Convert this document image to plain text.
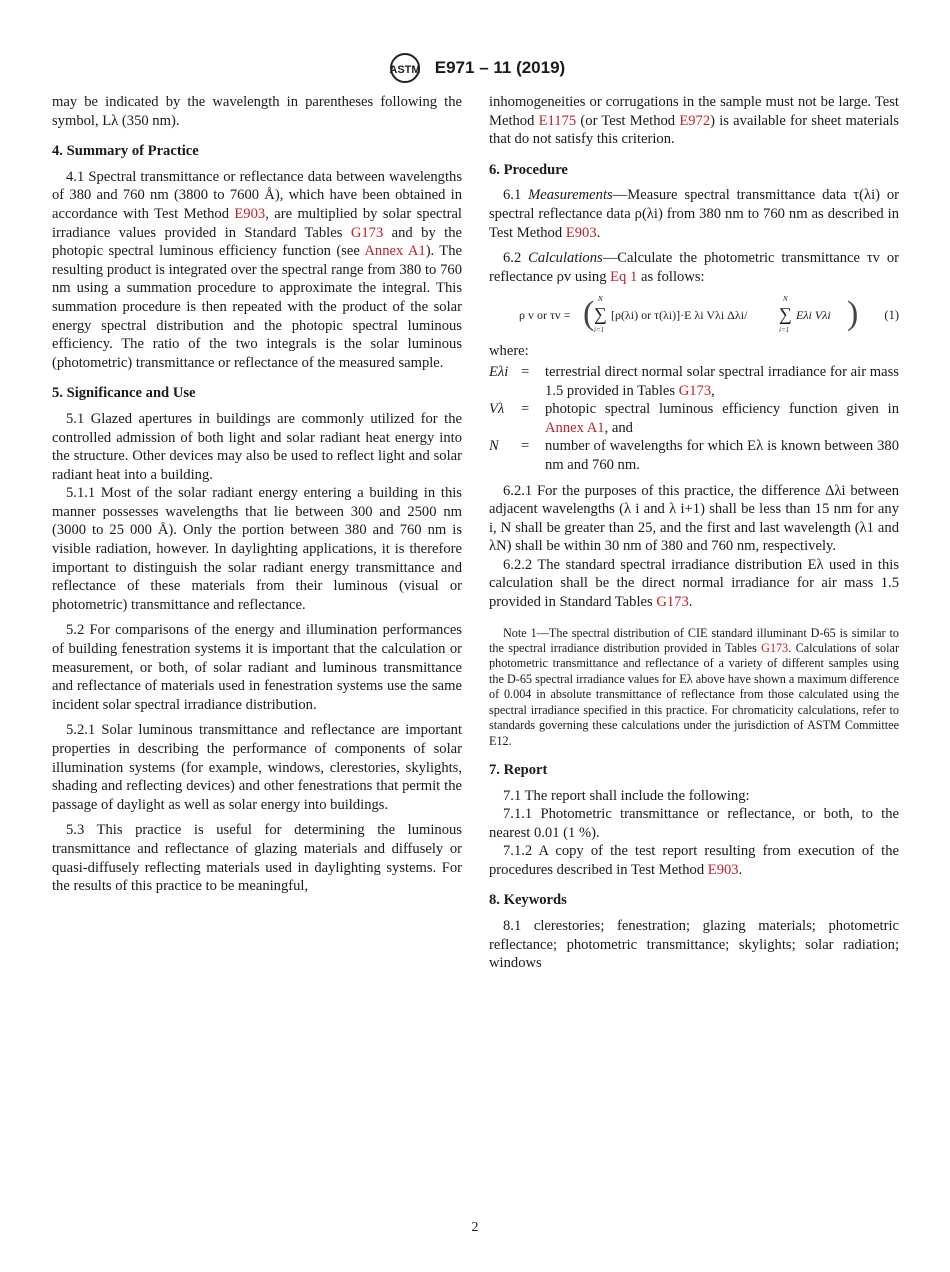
ASTM E971 – 11 (2019)

may be indicated by the wavelength in parentheses following the symbol, Lλ (350 nm).

4. Summary of Practice

4.1 Spectral transmittance or reflectance data between wavelengths of 380 and 760 nm (3800 to 7600 Å), which have been obtained in accordance with Test Method E903, are multiplied by solar spectral irradiance values provided in Standard Tables G173 and by the photopic spectral luminous efficiency function (see Annex A1). The resulting product is integrated over the spectral range from 380 to 760 nm using a summation procedure to approximate the integral. This summation procedure is then repeated with the product of the solar energy spectral distribution and the photopic spectral luminous efficiency. The ratio of the two integrals is the solar luminous (photometric) transmittance or reflectance of the measured sample.

5. Significance and Use

5.1 Glazed apertures in buildings are commonly utilized for the controlled admission of both light and solar radiant heat energy into the structure. Other devices may also be used to reflect light and solar radiant heat into a building.

5.1.1 Most of the solar radiant energy entering a building in this manner possesses wavelengths that lie between 300 and 2500 nm (3000 to 25 000 Å). Only the portion between 380 and 760 nm is visible radiation, however. In daylighting applications, it is therefore important to distinguish the solar radiant energy transmittance and reflectance of these materials from their luminous (visual or photometric) transmittance and reflectance.

5.2 For comparisons of the energy and illumination performances of building fenestration systems it is important that the calculation or measurement, or both, of solar radiant and luminous transmittance and reflectance of materials used in fenestration systems use the same incident solar spectral irradiance distribution.

5.2.1 Solar luminous transmittance and reflectance are important properties in describing the performance of components of solar illumination systems (for example, windows, clerestories, skylights, shading and reflecting devices) and other fenestrations that permit the passage of daylight as well as solar energy into buildings.

5.3 This practice is useful for determining the luminous transmittance and reflectance of glazing materials and diffusely or quasi-diffusely reflecting materials used in daylighting systems. For the results of this practice to be meaningful,

inhomogeneities or corrugations in the sample must not be large. Test Method E1175 (or Test Method E972) is available for sheet materials that do not satisfy this criterion.

6. Procedure

6.1 Measurements—Measure spectral transmittance data τ(λi) or spectral reflectance data ρ(λi) from 380 nm to 760 nm as described in Test Method E903.

6.2 Calculations—Calculate the photometric transmittance τv or reflectance ρv using Eq 1 as follows:

ρ v or τv = ( N
∑
i=1
[ρ(λi) or τ(λi)]·E λi Vλi Δλi/
N
∑
i=1
Eλi Vλi ) (1)

where:

Eλi =	terrestrial direct normal solar spectral irradiance for air mass 1.5 provided in Tables G173,
Vλ	=	photopic spectral luminous efficiency function given in Annex A1, and
N	=	number of wavelengths for which Eλ is known between 380 nm and 760 nm.

6.2.1 For the purposes of this practice, the difference Δλi between adjacent wavelengths (λ i and λ i+1) shall be less than 15 nm for any i, N shall be greater than 25, and the first and last wavelength (λ1 and λN) shall be within 30 nm of 380 and 760 nm, respectively.

6.2.2 The standard spectral irradiance distribution Eλ used in this calculation shall be the direct normal irradiance for air mass 1.5 provided in Standard Tables G173.

Note 1—The spectral distribution of CIE standard illuminant D-65 is similar to the spectral irradiance distribution provided in Tables G173. Calculations of solar photometric transmittance and reflectance of a variety of different samples using the D-65 spectral irradiance values for Eλ above have shown a maximum difference of 0.004 in absolute transmittance of reflectance from those calculated using the spectral irradiance specified in this practice. For chromaticity calculations, refer to standards governing these calculations under the jurisdiction of ASTM Committee E12.

7. Report

7.1 The report shall include the following:

7.1.1 Photometric transmittance or reflectance, or both, to the nearest 0.01 (1 %).

7.1.2 A copy of the test report resulting from execution of the procedures described in Test Method E903.

8. Keywords

8.1 clerestories; fenestration; glazing materials; photometric reflectance; photometric transmittance; skylights; solar radiation; windows

2
